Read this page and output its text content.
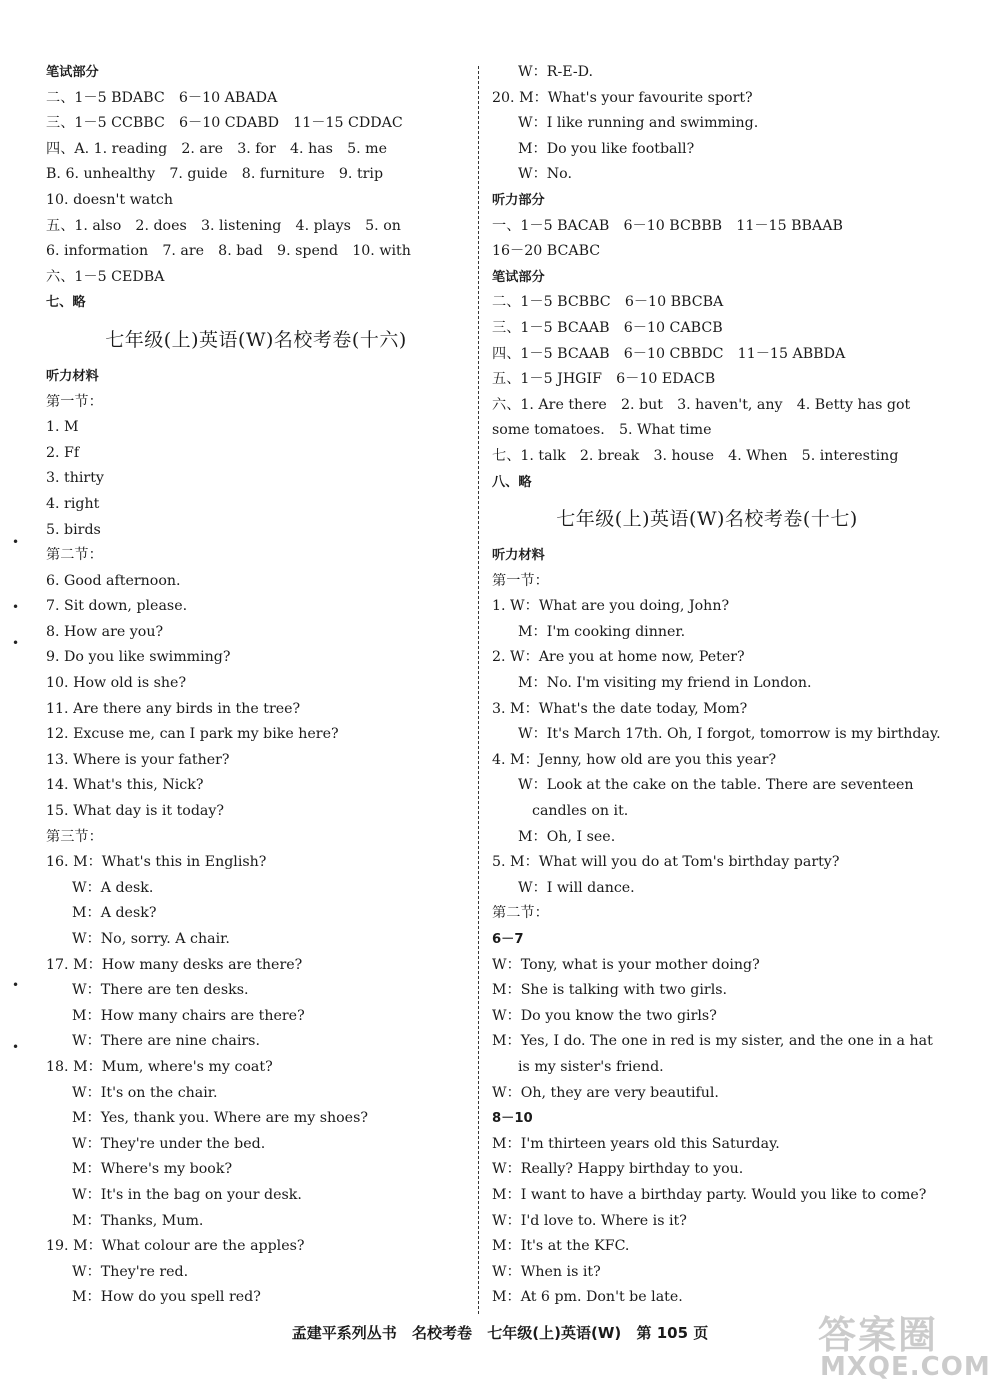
笔试部分
二、1－5 BDABC　6－10 ABADA
三、1－5 CCBBC　6－10 CDABD　11－15 CDDAC
四、A. 1. reading　2. are　3. for　4. has　5. me
B. 6. unhealthy　7. guide　8. furniture　9. trip
10. doesn't watch
五、1. also　2. does　3. listening　4. plays　5. on
6. information　7. are　8. bad　9. spend　10. with
六、1－5 CEDBA
七、略
七年级(上)英语(W)名校考卷(十六)
听力材料
第一节：
1. M
2. Ff
3. thirty
4. right
5. birds
第二节：
6. Good afternoon.
7. Sit down, please.
8. How are you?
9. Do you like swimming?
10. How old is she?
11. Are there any birds in the tree?
12. Excuse me, can I park my bike here?
13. Where is your father?
14. What's this, Nick?
15. What day is it today?
第三节：
16. M：What's this in English?
W：A desk.
M：A desk?
W：No, sorry. A chair.
17. M：How many desks are there?
W：There are ten desks.
M：How many chairs are there?
W：There are nine chairs.
18. M：Mum, where's my coat?
W：It's on the chair.
M：Yes, thank you. Where are my shoes?
W：They're under the bed.
M：Where's my book?
W：It's in the bag on your desk.
M：Thanks, Mum.
19. M：What colour are the apples?
W：They're red.
M：How do you spell red?
W：R-E-D.
20. M：What's your favourite sport?
W：I like running and swimming.
M：Do you like football?
W：No.
听力部分
一、1－5 BACAB　6－10 BCBBB　11－15 BBAAB
16－20 BCABC
笔试部分
二、1－5 BCBBC　6－10 BBCBA
三、1－5 BCAAB　6－10 CABCB
四、1－5 BCAAB　6－10 CBBDC　11－15 ABBDA
五、1－5 JHGIF　6－10 EDACB
六、1. Are there　2. but　3. haven't, any　4. Betty has got
some tomatoes.　5. What time
七、1. talk　2. break　3. house　4. When　5. interesting
八、略
七年级(上)英语(W)名校考卷(十七)
听力材料
第一节：
1. W：What are you doing, John?
M：I'm cooking dinner.
2. W：Are you at home now, Peter?
M：No. I'm visiting my friend in London.
3. M：What's the date today, Mom?
W：It's March 17th. Oh, I forgot, tomorrow is my birthday.
4. M：Jenny, how old are you this year?
W：Look at the cake on the table. There are seventeen
candles on it.
M：Oh, I see.
5. M：What will you do at Tom's birthday party?
W：I will dance.
第二节：
6－7
W：Tony, what is your mother doing?
M：She is talking with two girls.
W：Do you know the two girls?
M：Yes, I do. The one in red is my sister, and the one in a hat
is my sister's friend.
W：Oh, they are very beautiful.
8－10
M：I'm thirteen years old this Saturday.
W：Really? Happy birthday to you.
M：I want to have a birthday party. Would you like to come?
W：I'd love to. Where is it?
M：It's at the KFC.
W：When is it?
M：At 6 pm. Don't be late.
•
•
•
•
•
孟建平系列丛书 名校考卷 七年级(上)英语(W) 第 105 页	答案圈
MXQE.COM
